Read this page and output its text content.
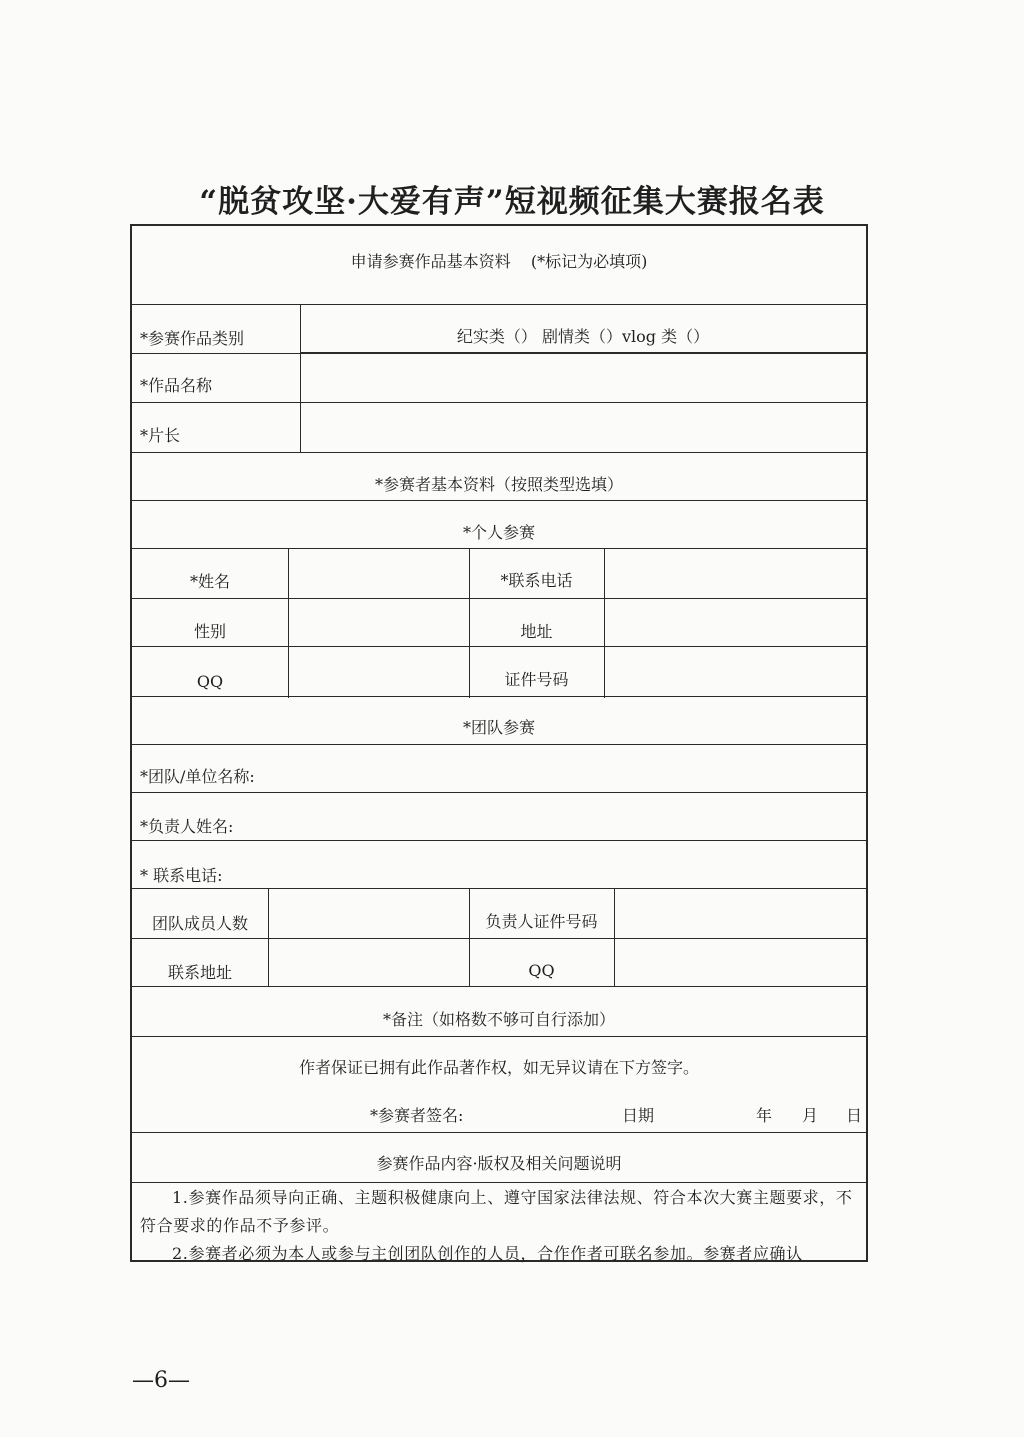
“脱贫攻坚·大爱有声”短视频征集大赛报名表
申请参赛作品基本资料 (*标记为必填项)
*参赛作品类别	纪实类（） 剧情类（）vlog 类（）
*作品名称
*片长
*参赛者基本资料（按照类型选填）
*个人参赛
*姓名	*联系电话
性别	地址
QQ	证件号码
*团队参赛
*团队/单位名称:
*负责人姓名:
* 联系电话:
团队成员人数	负责人证件号码
联系地址	QQ
*备注（如格数不够可自行添加）
作者保证已拥有此作品著作权，如无异议请在下方签字。
*参赛者签名:	日期	年 月 日
参赛作品内容·版权及相关问题说明

1.参赛作品须导向正确、主题积极健康向上、遵守国家法律法规、符合本次大赛主题要求，不符合要求的作品不予参评。

2.参赛者必须为本人或参与主创团队创作的人员，合作作者可联名参加。参赛者应确认

—6—
